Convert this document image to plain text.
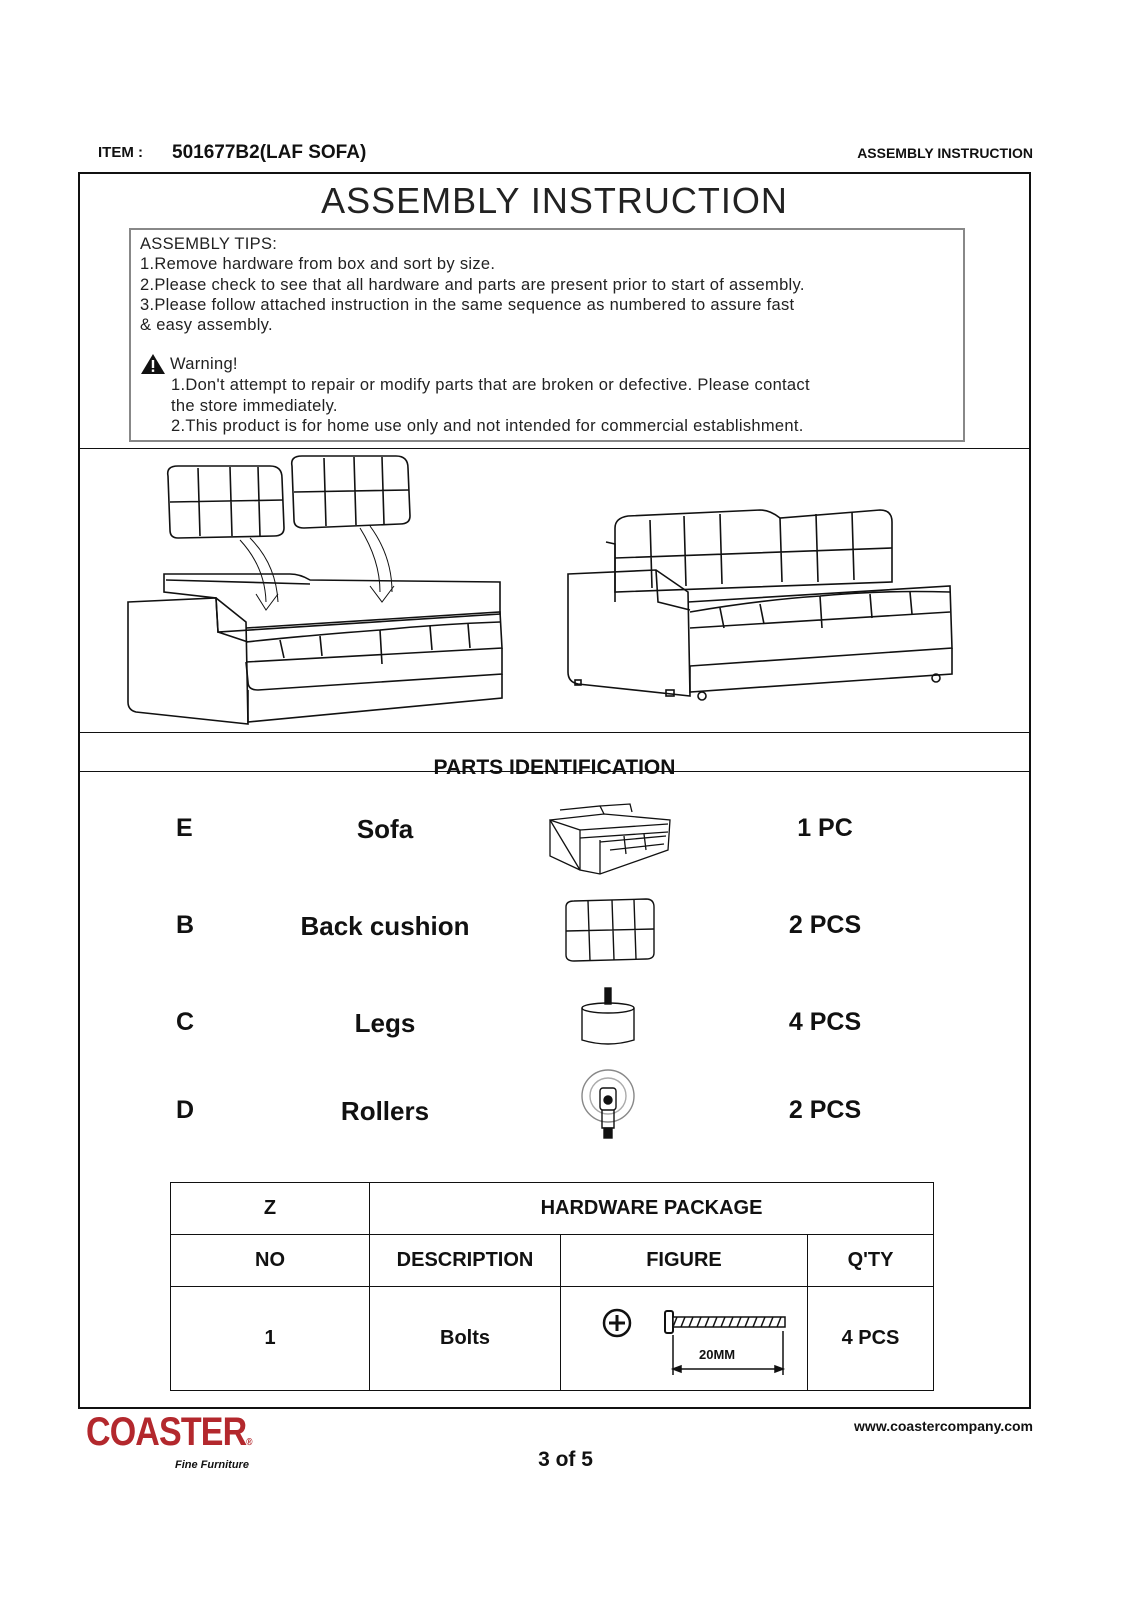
ITEM : 501677B2(LAF SOFA)	ASSEMBLY INSTRUCTION
ASSEMBLY INSTRUCTION

ASSEMBLY TIPS:

1.Remove hardware from box and sort by size.

2.Please check to see that all hardware and parts are present prior to start of assembly.

3.Please follow attached instruction in the same sequence as numbered to assure fast

& easy assembly.

Warning!

1.Don't attempt to repair or modify parts that are broken or defective. Please contact

the store immediately.

2.This product is for home use only and not intended for commercial establishment.

PARTS IDENTIFICATION
E	Sofa	1 PC
B	Back cushion	2 PCS
C	Legs	4 PCS
D	Rollers	2 PCS
Z	HARDWARE PACKAGE		
NO	DESCRIPTION	FIGURE	Q'TY
1	Bolts	20MM	4 PCS
COASTER®
Fine Furniture
www.coastercompany.com
3 of 5
